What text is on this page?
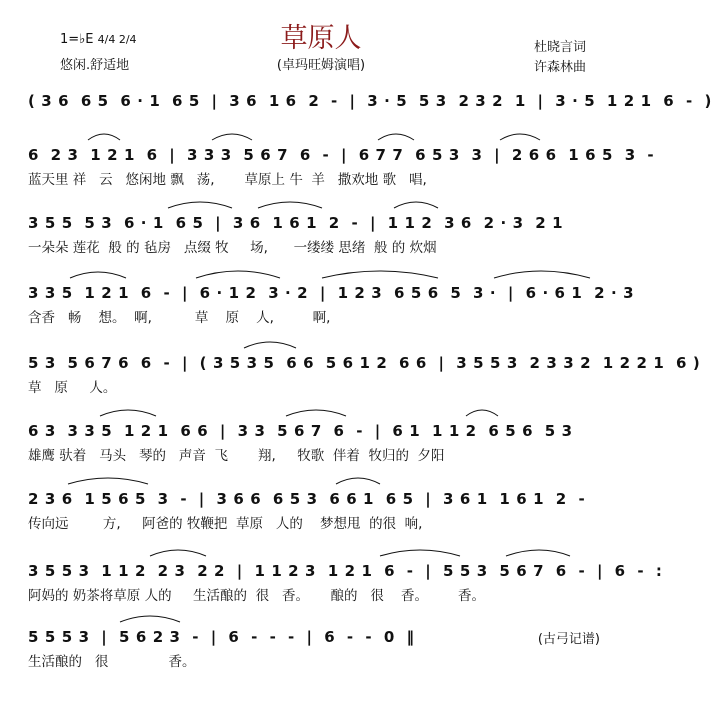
1=♭E 4/4 2/4
悠闲.舒适地
草原人
(卓玛旺姆演唱)
杜晓言词
许森林曲
( 3 6  6 5  6 · 1  6 5  |  3 6  1 6  2  -  |  3 · 5  5 3  2 3 2  1  |  3 · 5  1 2 1  6  -  )
6  2 3  1 2 1  6  |  3 3 3  5 6 7  6  -  |  6 7 7  6 5 3  3  |  2 6 6  1 6 5  3  -
蓝天里 祥   云   悠闲地 飘   荡,       草原上 牛  羊   撒欢地 歌   唱,
3 5 5  5 3  6 · 1  6 5  |  3 6  1 6 1  2  -  |  1 1 2  3 6  2 · 3  2 1
一朵朵 莲花  般 的 毡房   点缀 牧     场,      一缕缕 思绪  般 的 炊烟
3 3 5  1 2 1  6  -  |  6 · 1 2  3 · 2  |  1 2 3  6 5 6  5  3 ·  |  6 · 6 1  2 · 3
含香   畅    想。  啊,          草    原    人,         啊,
5 3  5 6 7 6  6  -  |  ( 3 5 3 5  6 6  5 6 1 2  6 6  |  3 5 5 3  2 3 3 2  1 2 2 1  6 )
草   原     人。
6 3  3 3 5  1 2 1  6 6  |  3 3  5 6 7  6  -  |  6 1  1 1 2  6 5 6  5 3
雄鹰 驮着   马头   琴的   声音  飞       翔,     牧歌  伴着  牧归的  夕阳
2 3 6  1 5 6 5  3  -  |  3 6 6  6 5 3  6 6 1  6 5  |  3 6 1  1 6 1  2  -
传向远        方,     阿爸的 牧鞭把  草原   人的    梦想甩  的很  响,
3 5 5 3  1 1 2  2 3  2 2  |  1 1 2 3  1 2 1  6  -  |  5 5 3  5 6 7  6  -  |  6  -  :
阿妈的 奶茶将草原 人的     生活酿的  很   香。     酿的   很    香。       香。
5 5 5 3  |  5 6 2 3  -  |  6  -  -  -  |  6  -  -  0  ‖
生活酿的   很              香。
(古弓记谱)
